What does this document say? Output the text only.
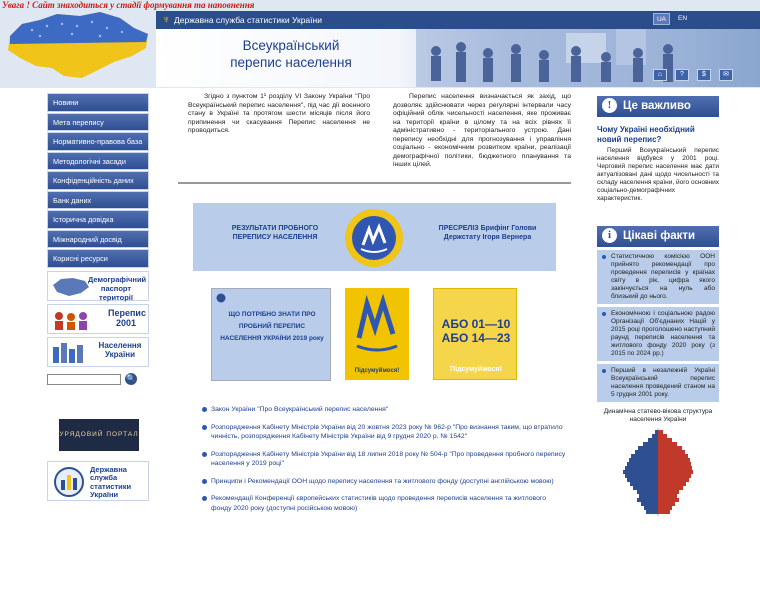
Увага ! Сайт знаходиться у стадії формування та наповнення
♆ Державна служба статистики України	UA	EN
Всеукраїнський
перепис населення
⌂	?	$	✉
Новини
Мета перепису
Нормативно-правова база
Методологічні засади
Конфіденційність даних
Банк даних
Історична довідка
Міжнародний досвід
Корисні ресурси
Демографічний паспорт території
Перепис 2001
Населення України
🔍
УРЯДОВИЙ ПОРТАЛ
Державна
служба
статистики
України

Згідно з пунктом 1¹ розділу VI Закону України "Про Всеукраїнський перепис населення", під час дії воєнного стану в Україні та протягом шести місяців після його припинення чи скасування Перепис населення не проводиться.

Перепис населення визначається як захід, що дозволяє здійснювати через регулярні інтервали часу офіційний облік чисельності населення, яке проживає на території країни в цілому та на всіх рівнях її адміністративно - територіального устрою. Дані перепису необхідні для прогнозування і управління соціально - економічним розвитком країни, реалізації демографічної політики, бюджетного планування та інших цілей.

РЕЗУЛЬТАТИ ПРОБНОГО ПЕРЕПИСУ НАСЕЛЕННЯ
ПРЕСРЕЛІЗ Брифінг Голови Держстату Ігоря Вернера
ЩО ПОТРІБНО ЗНАТИ ПРО ПРОБНИЙ ПЕРЕПИС НАСЕЛЕННЯ УКРАЇНИ 2019 року
Підсумуймося!
АБО 01—10 АБО 14—23
Підсумуймося!
Закон України "Про Всеукраїнський перепис населення"
Розпорядження Кабінету Міністрів України від 20 жовтня 2023 року № 962-р "Про визнання таким, що втратило чинність, розпорядження Кабінету Міністрів України від 9 грудня 2020 р. № 1542"
Розпорядження Кабінету Міністрів України від 18 липня 2018 року № 504-р "Про проведення пробного перепису населення у 2019 році"
Принципи і Рекомендації ООН щодо перепису населення та житлового фонду (доступні англійською мовою)
Рекомендації Конференції європейських статистиків щодо проведення переписів населення та житлового фонду 2020 року (доступні російською мовою)
!	Це важливо
Чому Україні необхідний новий перепис?
Перший Всеукраїнський перепис населення відбувся у 2001 році. Черговий перепис населення має дати актуалізовані дані щодо чисельності та складу населення країни, його основних соціально-демографічних характеристик.
i	Цікаві факти
Статистичною комісією ООН прийнято рекомендації про проведення переписів у країнах світу в рік, цифра якого закінчується на нуль або близький до нього.
Економічною і соціальною радою Організації Об'єднаних Націй у 2015 році проголошено наступний раунд переписів населення та житлового фонду 2020 року (з 2015 по 2024 рр.)
Перший в незалежній Україні Всеукраїнський перепис населення проведений станом на 5 грудня 2001 року.
Динамічна статево-вікова структура населення України
